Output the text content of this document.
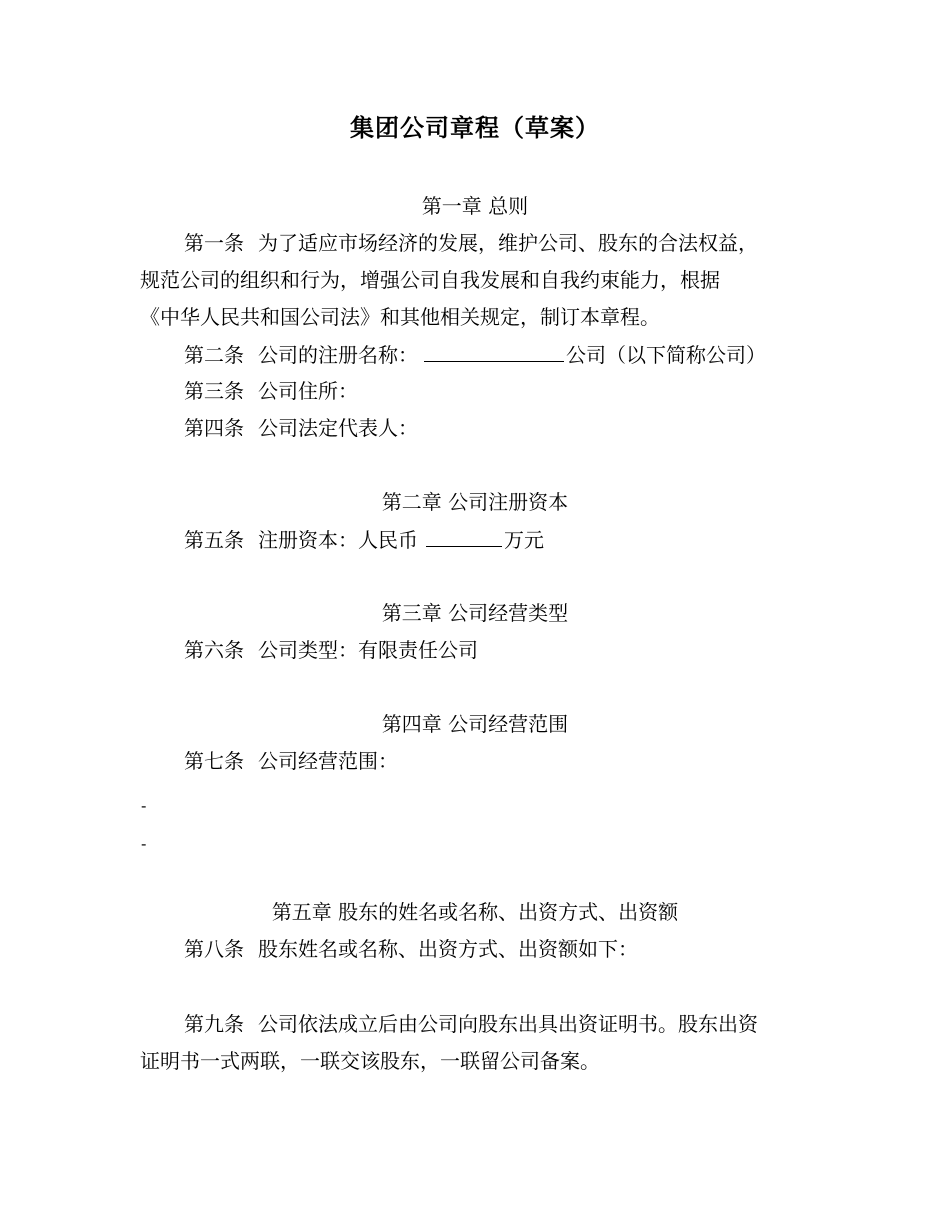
集团公司章程（草案）
第一章 总则
第一条 为了适应市场经济的发展，维护公司、股东的合法权益，
规范公司的组织和行为，增强公司自我发展和自我约束能力，根据
《中华人民共和国公司法》和其他相关规定，制订本章程。
第二条 公司的注册名称：	公司（以下简称公司）
第三条 公司住所：
第四条 公司法定代表人：
第二章 公司注册资本
第五条 注册资本：人民币	万元
第三章 公司经营类型
第六条 公司类型：有限责任公司
第四章 公司经营范围
第七条 公司经营范围：
-
-
第五章 股东的姓名或名称、出资方式、出资额
第八条 股东姓名或名称、出资方式、出资额如下：
第九条 公司依法成立后由公司向股东出具出资证明书。股东出资
证明书一式两联，一联交该股东，一联留公司备案。
